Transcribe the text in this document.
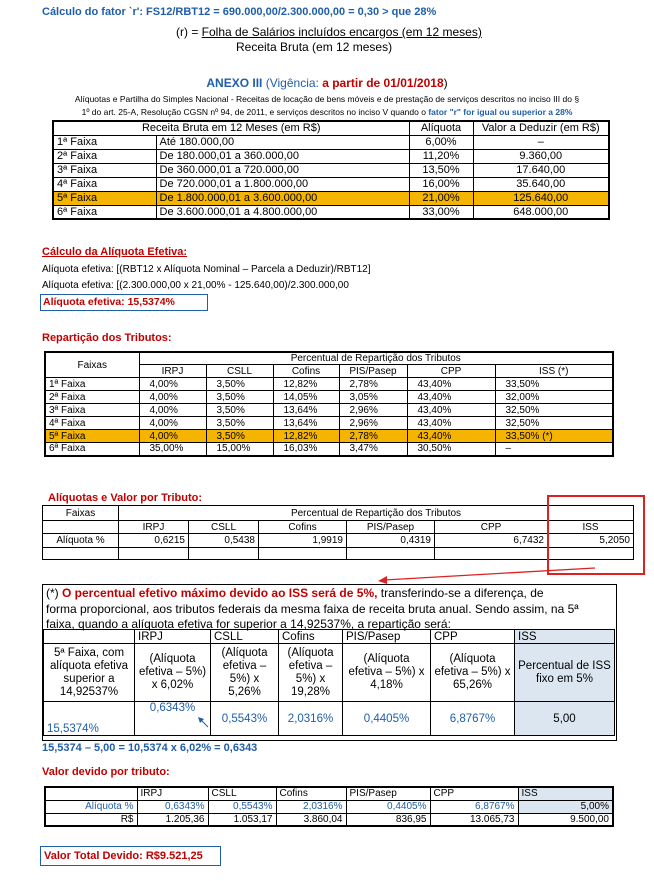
Cálculo do fator `r': FS12/RBT12 = 690.000,00/2.300.000,00 = 0,30 > que 28%
(r) = Folha de Salários incluídos encargos (em 12 meses)
Receita Bruta (em 12 meses)
ANEXO III (Vigência: a partir de 01/01/2018)
Alíquotas e Partilha do Simples Nacional - Receitas de locação de bens móveis e de prestação de serviços descritos no inciso III do §
1º do art. 25-A, Resolução CGSN nº 94, de 2011, e serviços descritos no inciso V quando o fator "r" for igual ou superior a 28%
Receita Bruta em 12 Meses (em R$)		Alíquota	Valor a Deduzir (em R$)
1ª Faixa	Até 180.000,00	6,00%	–
2ª Faixa	De 180.000,01 a 360.000,00	11,20%	9.360,00
3ª Faixa	De 360.000,01 a 720.000,00	13,50%	17.640,00
4ª Faixa	De 720.000,01 a 1.800.000,00	16,00%	35.640,00
5ª Faixa	De 1.800.000,01 a 3.600.000,00	21,00%	125.640,00
6ª Faixa	De 3.600.000,01 a 4.800.000,00	33,00%	648.000,00
Cálculo da Alíquota Efetiva:
Alíquota efetiva: [(RBT12 x Alíquota Nominal – Parcela a Deduzir)/RBT12]
Alíquota efetiva: [(2.300.000,00 x 21,00% - 125.640,00)/2.300.000,00
Alíquota efetiva: 15,5374%
Repartição dos Tributos:
Faixas	Percentual de Repartição dos Tributos					
	IRPJ	CSLL	Cofins	PIS/Pasep	CPP	ISS (*)
1ª Faixa	4,00%	3,50%	12,82%	2,78%	43,40%	33,50%
2ª Faixa	4,00%	3,50%	14,05%	3,05%	43,40%	32,00%
3ª Faixa	4,00%	3,50%	13,64%	2,96%	43,40%	32,50%
4ª Faixa	4,00%	3,50%	13,64%	2,96%	43,40%	32,50%
5ª Faixa	4,00%	3,50%	12,82%	2,78%	43,40%	33,50% (*)
6ª Faixa	35,00%	15,00%	16,03%	3,47%	30,50%	–
Alíquotas e Valor por Tributo:
Faixas	Percentual de Repartição dos Tributos					
	IRPJ	CSLL	Cofins	PIS/Pasep	CPP	ISS
Alíquota %	0,6215	0,5438	1,9919	0,4319	6,7432	5,2050

(*) O percentual efetivo máximo devido ao ISS será de 5%, transferindo-se a diferença, de
forma proporcional, aos tributos federais da mesma faixa de receita bruta anual. Sendo assim, na 5ª
faixa, quando a alíquota efetiva for superior a 14,92537%, a repartição será:
	IRPJ	CSLL	Cofins	PIS/Pasep	CPP	ISS
5ª Faixa, com alíquota efetiva superior a 14,92537%	(Alíquota efetiva – 5%) x 6,02%	(Alíquota efetiva – 5%) x 5,26%	(Alíquota efetiva – 5%) x 19,28%	(Alíquota efetiva – 5%) x 4,18%	(Alíquota efetiva – 5%) x 65,26%	Percentual de ISS fixo em 5%
15,5374%	0,6343%	0,5543%	2,0316%	0,4405%	6,8767%	5,00
15,5374 – 5,00 = 10,5374 x 6,02% = 0,6343
Valor devido por tributo:
	IRPJ	CSLL	Cofins	PIS/Pasep	CPP	ISS
Alíquota %	0,6343%	0,5543%	2,0316%	0,4405%	6,8767%	5,00%
R$	1.205,36	1.053,17	3.860,04	836,95	13.065,73	9.500,00
Valor Total Devido: R$9.521,25
